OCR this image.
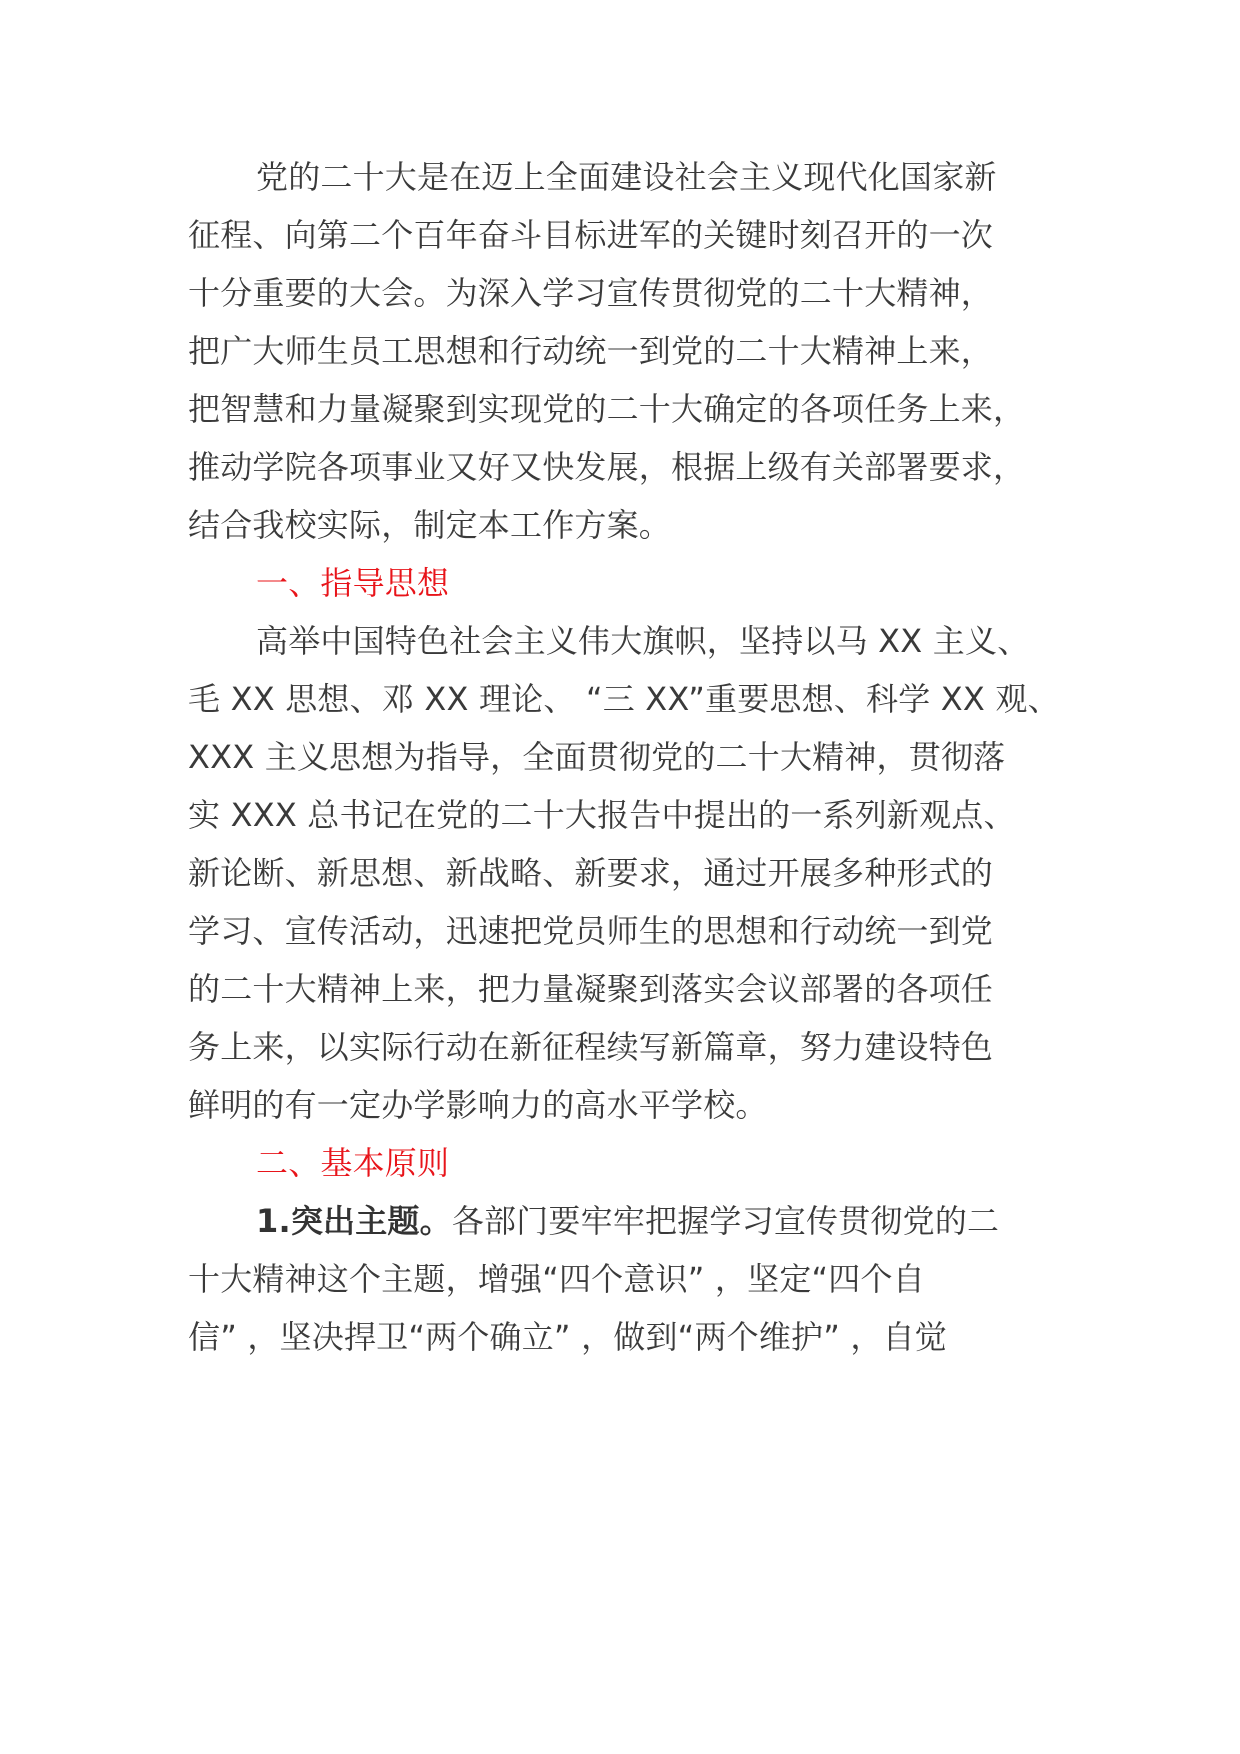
党的二十大是在迈上全面建设社会主义现代化国家新
征程、向第二个百年奋斗目标进军的关键时刻召开的一次
十分重要的大会。为深入学习宣传贯彻党的二十大精神，
把广大师生员工思想和行动统一到党的二十大精神上来，
把智慧和力量凝聚到实现党的二十大确定的各项任务上来，
推动学院各项事业又好又快发展，根据上级有关部署要求，
结合我校实际，制定本工作方案。
一、指导思想
高举中国特色社会主义伟大旗帜，坚持以马 XX 主义、
毛 XX 思想、邓 XX 理论、 “三 XX”重要思想、科学 XX 观、
XXX 主义思想为指导，全面贯彻党的二十大精神，贯彻落
实 XXX 总书记在党的二十大报告中提出的一系列新观点、
新论断、新思想、新战略、新要求，通过开展多种形式的
学习、宣传活动，迅速把党员师生的思想和行动统一到党
的二十大精神上来，把力量凝聚到落实会议部署的各项任
务上来，以实际行动在新征程续写新篇章，努力建设特色
鲜明的有一定办学影响力的高水平学校。
二、基本原则
1.突出主题。各部门要牢牢把握学习宣传贯彻党的二
十大精神这个主题，增强“四个意识” ，坚定“四个自
信” ，坚决捍卫“两个确立” ，做到“两个维护” ，自觉
